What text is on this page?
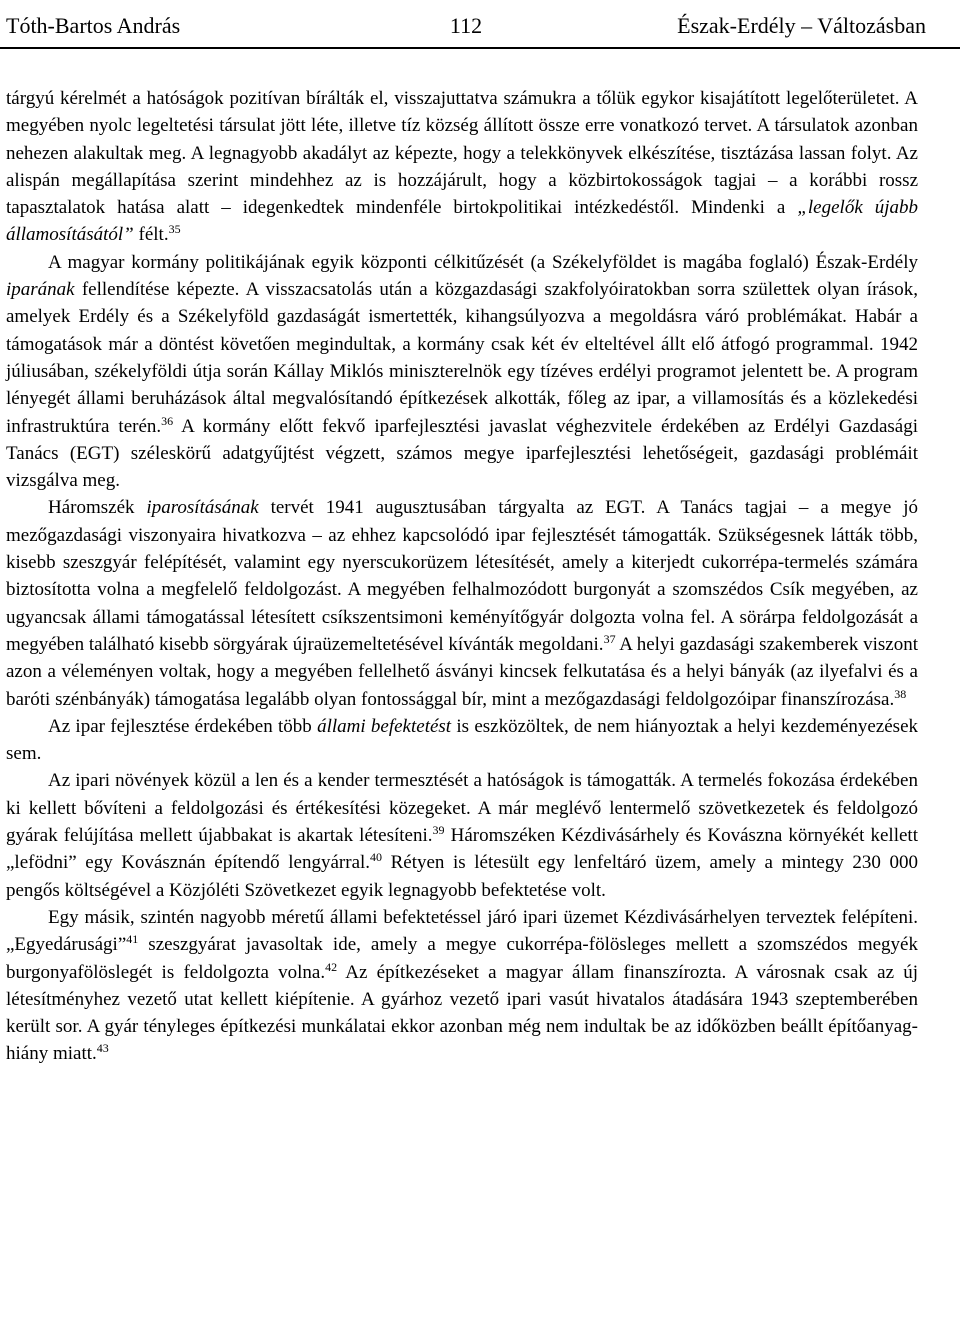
112
Tóth-Bartos András	Észak-Erdély – Változásban

tárgyú kérelmét a hatóságok pozitívan bírálták el, visszajuttatva számukra a tőlük egykor kisajátított legelőterületet. A megyében nyolc legeltetési társulat jött léte, illetve tíz község állított össze erre vonatkozó tervet. A társulatok azonban nehezen alakultak meg. A legnagyobb akadályt az képezte, hogy a telekkönyvek elkészítése, tisztázása lassan folyt. Az alispán megállapítása szerint mindehhez az is hozzájárult, hogy a közbirtokosságok tagjai – a korábbi rossz tapasztalatok hatása alatt – idegenkedtek mindenféle birtokpolitikai intézkedéstől. Mindenki a „legelők újabb államosításától” félt.$^{35}$

A magyar kormány politikájának egyik központi célkitűzését (a Székelyföldet is magába foglaló) Észak-Erdély iparának fellendítése képezte. A visszacsatolás után a közgazdasági szakfolyóiratokban sorra születtek olyan írások, amelyek Erdély és a Székelyföld gazdaságát ismertették, kihangsúlyozva a megoldásra váró problémákat. Habár a támogatások már a döntést követően megindultak, a kormány csak két év elteltével állt elő átfogó programmal. 1942 júliusában, székelyföldi útja során Kállay Miklós miniszterelnök egy tízéves erdélyi programot jelentett be. A program lényegét állami beruházások által megvalósítandó építkezések alkották, főleg az ipar, a villamosítás és a közlekedési infrastruktúra terén.$^{36}$ A kormány előtt fekvő iparfejlesztési javaslat véghezvitele érdekében az Erdélyi Gazdasági Tanács (EGT) széleskörű adatgyűjtést végzett, számos megye iparfejlesztési lehetőségeit, gazdasági problémáit vizsgálva meg.

Háromszék iparosításának tervét 1941 augusztusában tárgyalta az EGT. A Tanács tagjai – a megye jó mezőgazdasági viszonyaira hivatkozva – az ehhez kapcsolódó ipar fejlesztését támogatták. Szükségesnek látták több, kisebb szeszgyár felépítését, valamint egy nyerscukorüzem létesítését, amely a kiterjedt cukorrépa-termelés számára biztosította volna a megfelelő feldolgozást. A megyében felhalmozódott burgonyát a szomszédos Csík megyében, az ugyancsak állami támogatással létesített csíkszentsimoni keményítőgyár dolgozta volna fel. A sörárpa feldolgozását a megyében található kisebb sörgyárak újraüzemeltetésével kívánták megoldani.$^{37}$ A helyi gazdasági szakemberek viszont azon a véleményen voltak, hogy a megyében fellelhető ásványi kincsek felkutatása és a helyi bányák (az ilyefalvi és a baróti szénbányák) támogatása legalább olyan fontossággal bír, mint a mezőgazdasági feldolgozóipar finanszírozása.$^{38}$

Az ipar fejlesztése érdekében több állami befektetést is eszközöltek, de nem hiányoztak a helyi kezdeményezések sem.

Az ipari növények közül a len és a kender termesztését a hatóságok is támogatták. A termelés fokozása érdekében ki kellett bővíteni a feldolgozási és értékesítési közegeket. A már meglévő lentermelő szövetkezetek és feldolgozó gyárak felújítása mellett újabbakat is akartak létesíteni.$^{39}$ Háromszéken Kézdivásárhely és Kovászna környékét kellett „lefödni” egy Kovásznán építendő lengyárral.$^{40}$ Rétyen is létesült egy lenfeltáró üzem, amely a mintegy 230 000 pengős költségével a Közjóléti Szövetkezet egyik legnagyobb befektetése volt.

Egy másik, szintén nagyobb méretű állami befektetéssel járó ipari üzemet Kézdivásárhelyen terveztek felépíteni. „Egyedárusági”$^{41}$ szeszgyárat javasoltak ide, amely a megye cukorrépa-fölösleges mellett a szomszédos megyék burgonyafölöslegét is feldolgozta volna.$^{42}$ Az építkezéseket a magyar állam finanszírozta. A városnak csak az új létesítményhez vezető utat kellett kiépítenie. A gyárhoz vezető ipari vasút hivatalos átadására 1943 szeptemberében került sor. A gyár tényleges építkezési munkálatai ekkor azonban még nem indultak be az időközben beállt építőanyag-hiány miatt.$^{43}$
